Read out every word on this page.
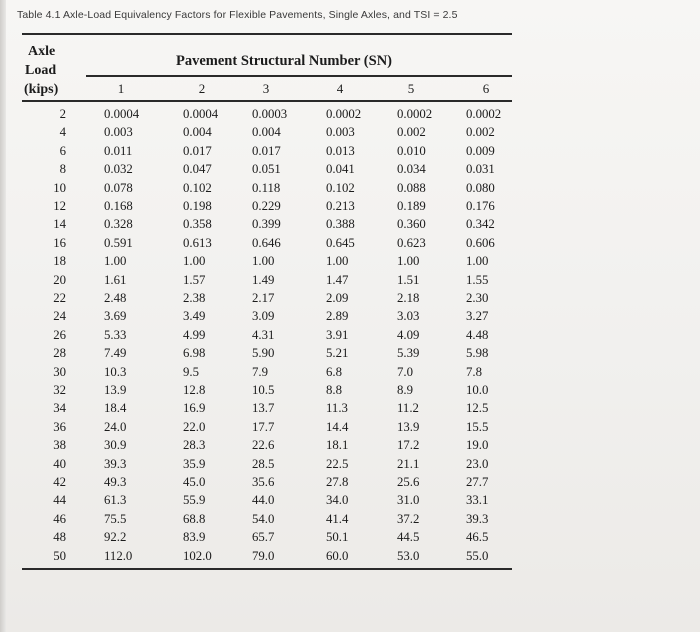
Table 4.1 Axle-Load Equivalency Factors for Flexible Pavements, Single Axles, and TSI = 2.5
Axle
Load
(kips)
Pavement Structural Number (SN)
1	2	3	4	5	6
2	0.0004	0.0004	0.0003	0.0002	0.0002	0.0002
4	0.003	0.004	0.004	0.003	0.002	0.002
6	0.011	0.017	0.017	0.013	0.010	0.009
8	0.032	0.047	0.051	0.041	0.034	0.031
10	0.078	0.102	0.118	0.102	0.088	0.080
12	0.168	0.198	0.229	0.213	0.189	0.176
14	0.328	0.358	0.399	0.388	0.360	0.342
16	0.591	0.613	0.646	0.645	0.623	0.606
18	1.00	1.00	1.00	1.00	1.00	1.00
20	1.61	1.57	1.49	1.47	1.51	1.55
22	2.48	2.38	2.17	2.09	2.18	2.30
24	3.69	3.49	3.09	2.89	3.03	3.27
26	5.33	4.99	4.31	3.91	4.09	4.48
28	7.49	6.98	5.90	5.21	5.39	5.98
30	10.3	9.5	7.9	6.8	7.0	7.8
32	13.9	12.8	10.5	8.8	8.9	10.0
34	18.4	16.9	13.7	11.3	11.2	12.5
36	24.0	22.0	17.7	14.4	13.9	15.5
38	30.9	28.3	22.6	18.1	17.2	19.0
40	39.3	35.9	28.5	22.5	21.1	23.0
42	49.3	45.0	35.6	27.8	25.6	27.7
44	61.3	55.9	44.0	34.0	31.0	33.1
46	75.5	68.8	54.0	41.4	37.2	39.3
48	92.2	83.9	65.7	50.1	44.5	46.5
50	112.0	102.0	79.0	60.0	53.0	55.0
